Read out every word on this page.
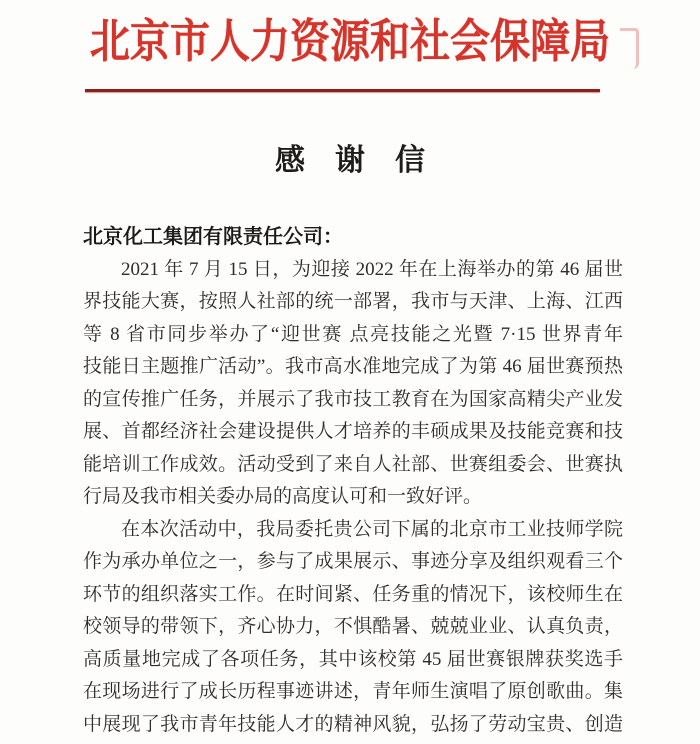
北京市人力资源和社会保障局
感　谢　信
北京化工集团有限责任公司：
2021 年 7 月 15 日，为迎接 2022 年在上海举办的第 46 届世
界技能大赛，按照人社部的统一部署，我市与天津、上海、江西
等 8 省市同步举办了“迎世赛 点亮技能之光暨 7·15 世界青年
技能日主题推广活动”。我市高水准地完成了为第 46 届世赛预热
的宣传推广任务，并展示了我市技工教育在为国家高精尖产业发
展、首都经济社会建设提供人才培养的丰硕成果及技能竞赛和技
能培训工作成效。活动受到了来自人社部、世赛组委会、世赛执
行局及我市相关委办局的高度认可和一致好评。
在本次活动中，我局委托贵公司下属的北京市工业技师学院
作为承办单位之一，参与了成果展示、事迹分享及组织观看三个
环节的组织落实工作。在时间紧、任务重的情况下，该校师生在
校领导的带领下，齐心协力，不惧酷暑、兢兢业业、认真负责，
高质量地完成了各项任务，其中该校第 45 届世赛银牌获奖选手
在现场进行了成长历程事迹讲述，青年师生演唱了原创歌曲。集
中展现了我市青年技能人才的精神风貌，弘扬了劳动宝贵、创造
